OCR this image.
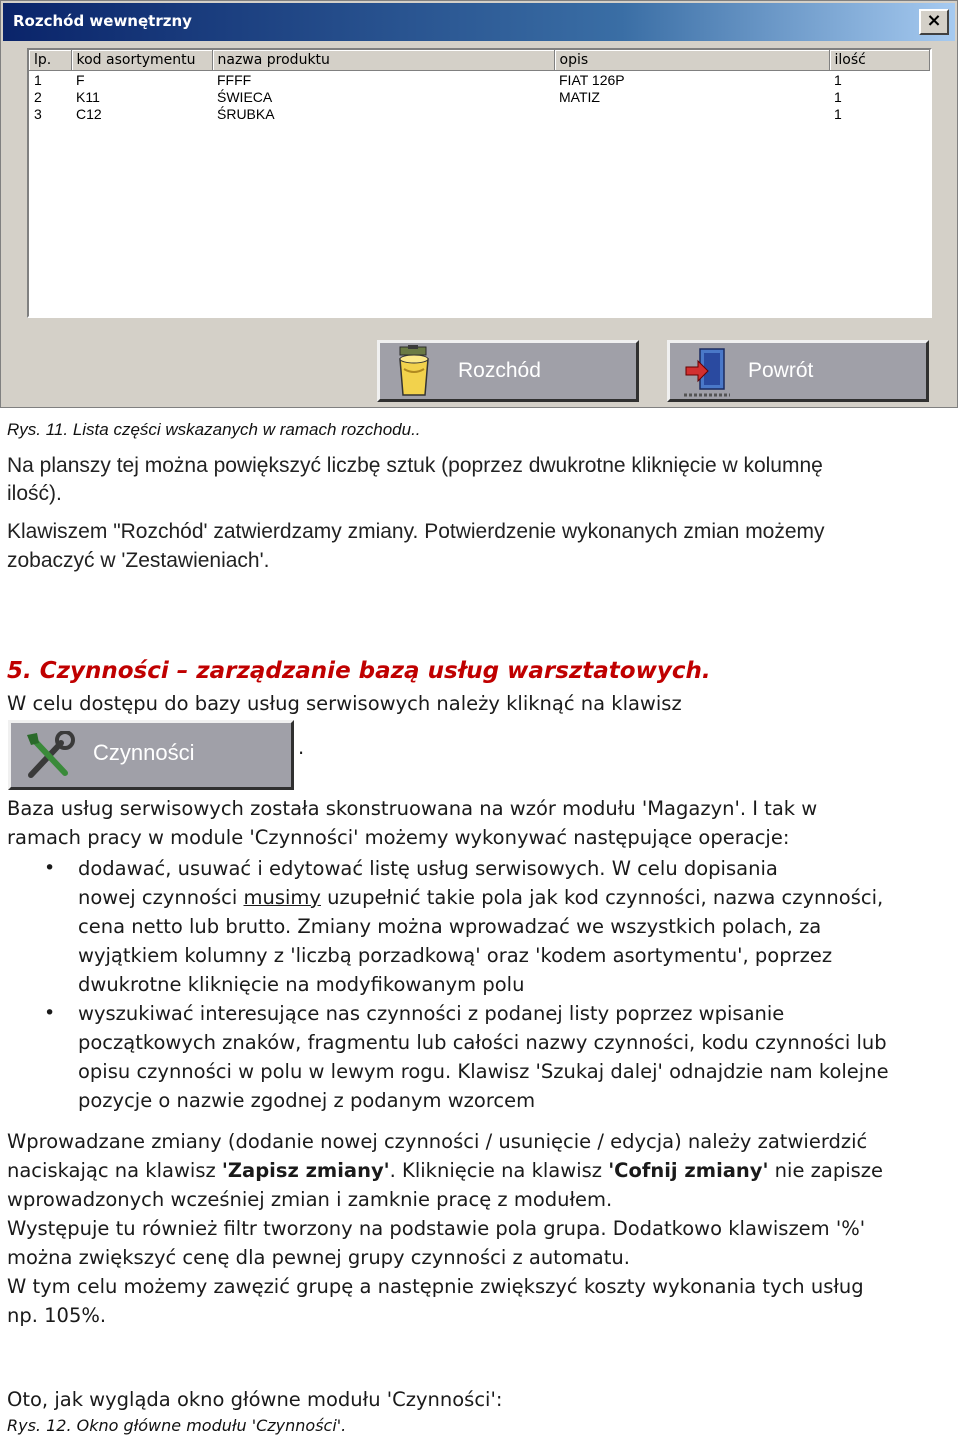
Rozchód wewnętrzny	×
lp.	kod asortymentu	nazwa produktu	opis	ilość
1	F	FFFF	FIAT 126P	1
2	K11	ŚWIECA	MATIZ	1
3	C12	ŚRUBKA		1
Rozchód	Powrót

Rys. 11. Lista części wskazanych w ramach rozchodu..

Na planszy tej można powiększyć liczbę sztuk (poprzez dwukrotne kliknięcie w kolumnę

ilość).

Klawiszem "Rozchód' zatwierdzamy zmiany. Potwierdzenie wykonanych zmian możemy

zobaczyć w 'Zestawieniach'.

5. Czynności – zarządzanie bazą usług warsztatowych.

W celu dostępu do bazy usług serwisowych należy kliknąć na klawisz

Czynności	.

Baza usług serwisowych została skonstruowana na wzór modułu 'Magazyn'. I tak w

ramach pracy w module 'Czynności' możemy wykonywać następujące operacje:

• dodawać, usuwać i edytować listę usług serwisowych. W celu dopisania

nowej czynności musimy uzupełnić takie pola jak kod czynności, nazwa czynności,

cena netto lub brutto. Zmiany można wprowadzać we wszystkich polach, za

wyjątkiem kolumny z 'liczbą porzadkową' oraz 'kodem asortymentu', poprzez

dwukrotne kliknięcie na modyfikowanym polu

• wyszukiwać interesujące nas czynności z podanej listy poprzez wpisanie

początkowych znaków, fragmentu lub całości nazwy czynności, kodu czynności lub

opisu czynności w polu w lewym rogu. Klawisz 'Szukaj dalej' odnajdzie nam kolejne

pozycje o nazwie zgodnej z podanym wzorcem

Wprowadzane zmiany (dodanie nowej czynności / usunięcie / edycja) należy zatwierdzić

naciskając na klawisz 'Zapisz zmiany'. Kliknięcie na klawisz 'Cofnij zmiany' nie zapisze

wprowadzonych wcześniej zmian i zamknie pracę z modułem.

Występuje tu również filtr tworzony na podstawie pola grupa. Dodatkowo klawiszem '%'

można zwiększyć cenę dla pewnej grupy czynności z automatu.

W tym celu możemy zawęzić grupę a następnie zwiększyć koszty wykonania tych usług

np. 105%.

Oto, jak wygląda okno główne modułu 'Czynności':

Rys. 12. Okno główne modułu 'Czynności'.
